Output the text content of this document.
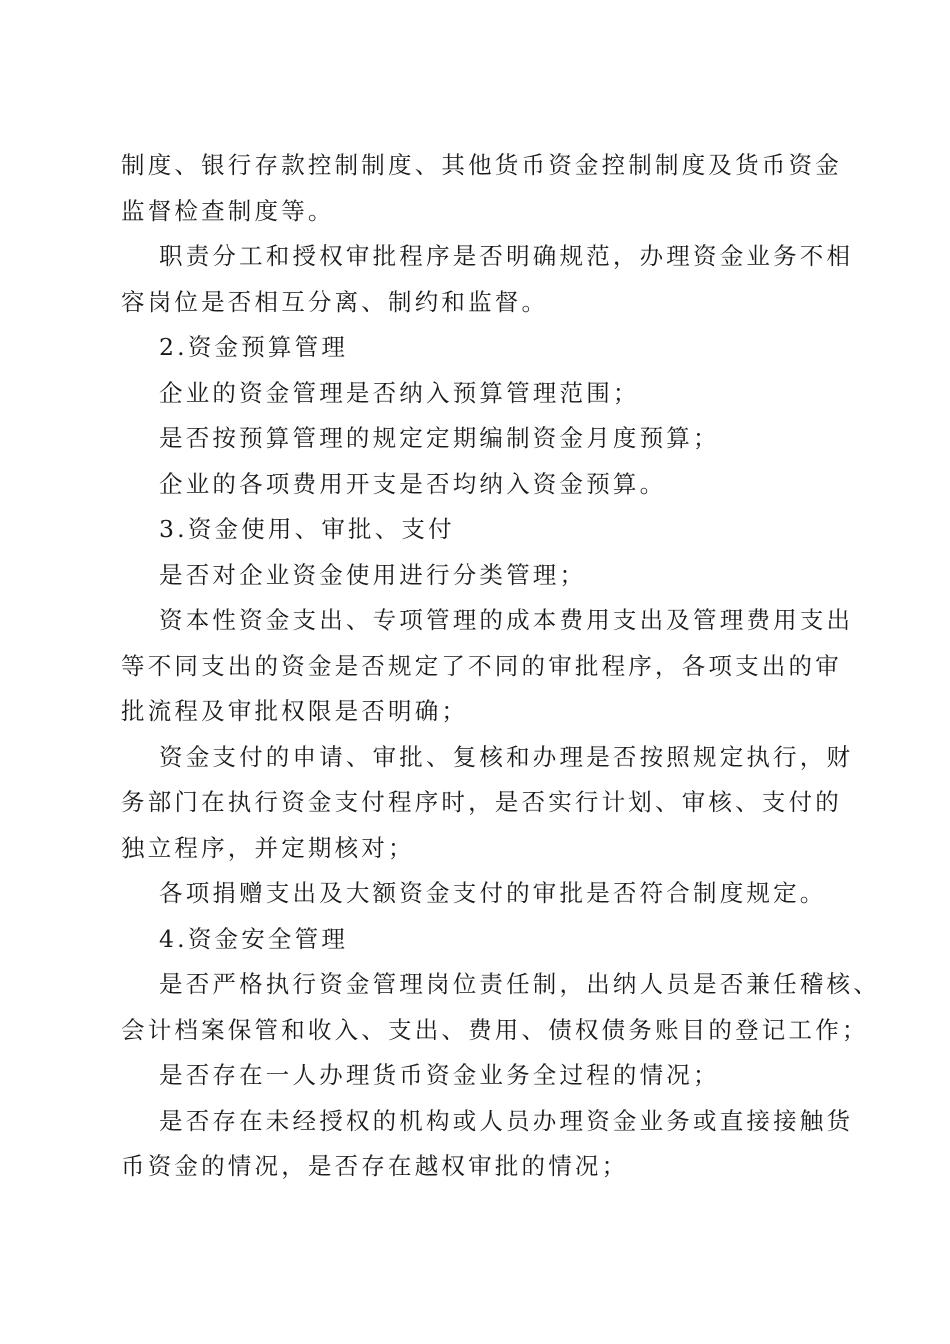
制度、银行存款控制制度、其他货币资金控制制度及货币资金
监督检查制度等。
职责分工和授权审批程序是否明确规范，办理资金业务不相
容岗位是否相互分离、制约和监督。
2.资金预算管理
企业的资金管理是否纳入预算管理范围；
是否按预算管理的规定定期编制资金月度预算；
企业的各项费用开支是否均纳入资金预算。
3.资金使用、审批、支付
是否对企业资金使用进行分类管理；
资本性资金支出、专项管理的成本费用支出及管理费用支出
等不同支出的资金是否规定了不同的审批程序，各项支出的审
批流程及审批权限是否明确；
资金支付的申请、审批、复核和办理是否按照规定执行，财
务部门在执行资金支付程序时，是否实行计划、审核、支付的
独立程序，并定期核对；
各项捐赠支出及大额资金支付的审批是否符合制度规定。
4.资金安全管理
是否严格执行资金管理岗位责任制，出纳人员是否兼任稽核、
会计档案保管和收入、支出、费用、债权债务账目的登记工作；
是否存在一人办理货币资金业务全过程的情况；
是否存在未经授权的机构或人员办理资金业务或直接接触货
币资金的情况，是否存在越权审批的情况；
